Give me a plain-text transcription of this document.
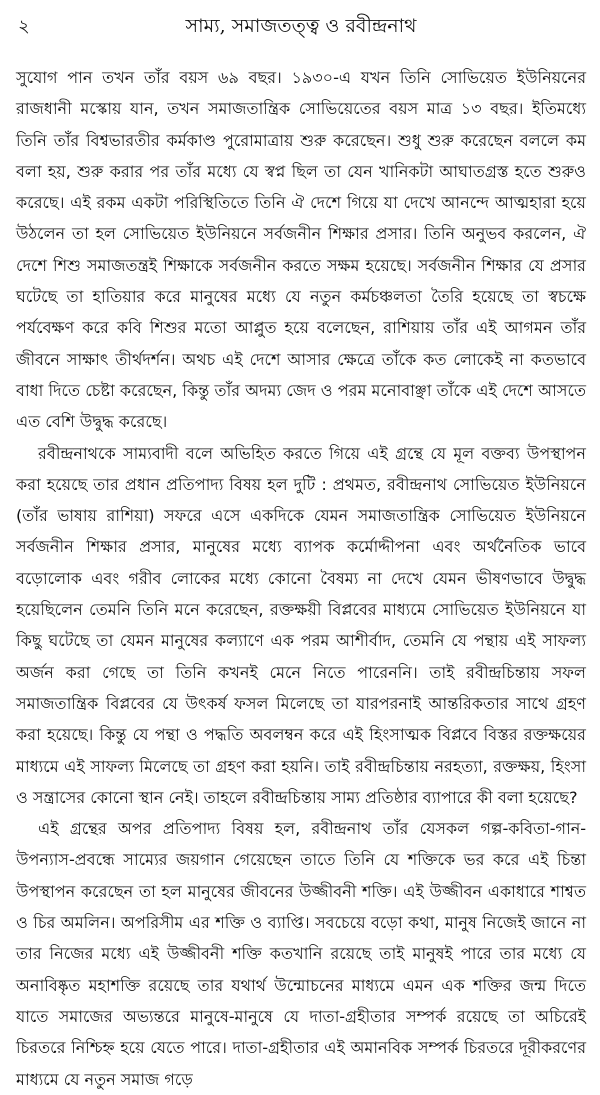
২	সাম্য, সমাজতত্ত্ব ও রবীন্দ্রনাথ

সুযোগ পান তখন তাঁর বয়স ৬৯ বছর। ১৯৩০-এ যখন তিনি সোভিয়েত ইউনিয়নের রাজধানী মস্কোয় যান, তখন সমাজতান্ত্রিক সোভিয়েতের বয়স মাত্র ১৩ বছর। ইতিমধ্যে তিনি তাঁর বিশ্বভারতীর কর্মকাণ্ড পুরোমাত্রায় শুরু করেছেন। শুধু শুরু করেছেন বললে কম বলা হয়, শুরু করার পর তাঁর মধ্যে যে স্বপ্ন ছিল তা যেন খানিকটা আঘাতগ্রস্ত হতে শুরুও করেছে। এই রকম একটা পরিস্থিতিতে তিনি ঐ দেশে গিয়ে যা দেখে আনন্দে আত্মহারা হয়ে উঠলেন তা হল সোভিয়েত ইউনিয়নে সর্বজনীন শিক্ষার প্রসার। তিনি অনুভব করলেন, ঐ দেশে শিশু সমাজতন্ত্রই শিক্ষাকে সর্বজনীন করতে সক্ষম হয়েছে। সর্বজনীন শিক্ষার যে প্রসার ঘটেছে তা হাতিয়ার করে মানুষের মধ্যে যে নতুন কর্মচঞ্চলতা তৈরি হয়েছে তা স্বচক্ষে পর্যবেক্ষণ করে কবি শিশুর মতো আপ্লুত হয়ে বলেছেন, রাশিয়ায় তাঁর এই আগমন তাঁর জীবনে সাক্ষাৎ তীর্থদর্শন। অথচ এই দেশে আসার ক্ষেত্রে তাঁকে কত লোকেই না কতভাবে বাধা দিতে চেষ্টা করেছেন, কিন্তু তাঁর অদম্য জেদ ও পরম মনোবাঞ্ছা তাঁকে এই দেশে আসতে এত বেশি উদ্বুদ্ধ করেছে।

রবীন্দ্রনাথকে সাম্যবাদী বলে অভিহিত করতে গিয়ে এই গ্রন্থে যে মূল বক্তব্য উপস্থাপন করা হয়েছে তার প্রধান প্রতিপাদ্য বিষয় হল দুটি : প্রথমত, রবীন্দ্রনাথ সোভিয়েত ইউনিয়নে (তাঁর ভাষায় রাশিয়া) সফরে এসে একদিকে যেমন সমাজতান্ত্রিক সোভিয়েত ইউনিয়নে সর্বজনীন শিক্ষার প্রসার, মানুষের মধ্যে ব্যাপক কর্মোদ্দীপনা এবং অর্থনৈতিক ভাবে বড়োলোক এবং গরীব লোকের মধ্যে কোনো বৈষম্য না দেখে যেমন ভীষণভাবে উদ্বুদ্ধ হয়েছিলেন তেমনি তিনি মনে করেছেন, রক্তক্ষয়ী বিপ্লবের মাধ্যমে সোভিয়েত ইউনিয়নে যা কিছু ঘটেছে তা যেমন মানুষের কল্যাণে এক পরম আশীর্বাদ, তেমনি যে পন্থায় এই সাফল্য অর্জন করা গেছে তা তিনি কখনই মেনে নিতে পারেননি। তাই রবীন্দ্রচিন্তায় সফল সমাজতান্ত্রিক বিপ্লবের যে উৎকর্ষ ফসল মিলেছে তা যারপরনাই আন্তরিকতার সাথে গ্রহণ করা হয়েছে। কিন্তু যে পন্থা ও পদ্ধতি অবলম্বন করে এই হিংসাত্মক বিপ্লবে বিস্তর রক্তক্ষয়ের মাধ্যমে এই সাফল্য মিলেছে তা গ্রহণ করা হয়নি। তাই রবীন্দ্রচিন্তায় নরহত্যা, রক্তক্ষয়, হিংসা ও সন্ত্রাসের কোনো স্থান নেই। তাহলে রবীন্দ্রচিন্তায় সাম্য প্রতিষ্ঠার ব্যাপারে কী বলা হয়েছে?

এই গ্রন্থের অপর প্রতিপাদ্য বিষয় হল, রবীন্দ্রনাথ তাঁর যেসকল গল্প-কবিতা-গান-উপন্যাস-প্রবন্ধে সাম্যের জয়গান গেয়েছেন তাতে তিনি যে শক্তিকে ভর করে এই চিন্তা উপস্থাপন করেছেন তা হল মানুষের জীবনের উজ্জীবনী শক্তি। এই উজ্জীবন একাধারে শাশ্বত ও চির অমলিন। অপরিসীম এর শক্তি ও ব্যাপ্তি। সবচেয়ে বড়ো কথা, মানুষ নিজেই জানে না তার নিজের মধ্যে এই উজ্জীবনী শক্তি কতখানি রয়েছে তাই মানুষই পারে তার মধ্যে যে অনাবিষ্কৃত মহাশক্তি রয়েছে তার যথার্থ উন্মোচনের মাধ্যমে এমন এক শক্তির জন্ম দিতে যাতে সমাজের অভ্যন্তরে মানুষে-মানুষে যে দাতা-গ্রহীতার সম্পর্ক রয়েছে তা অচিরেই চিরতরে নিশ্চিহ্ন হয়ে যেতে পারে। দাতা-গ্রহীতার এই অমানবিক সম্পর্ক চিরতরে দূরীকরণের মাধ্যমে যে নতুন সমাজ গড়ে
